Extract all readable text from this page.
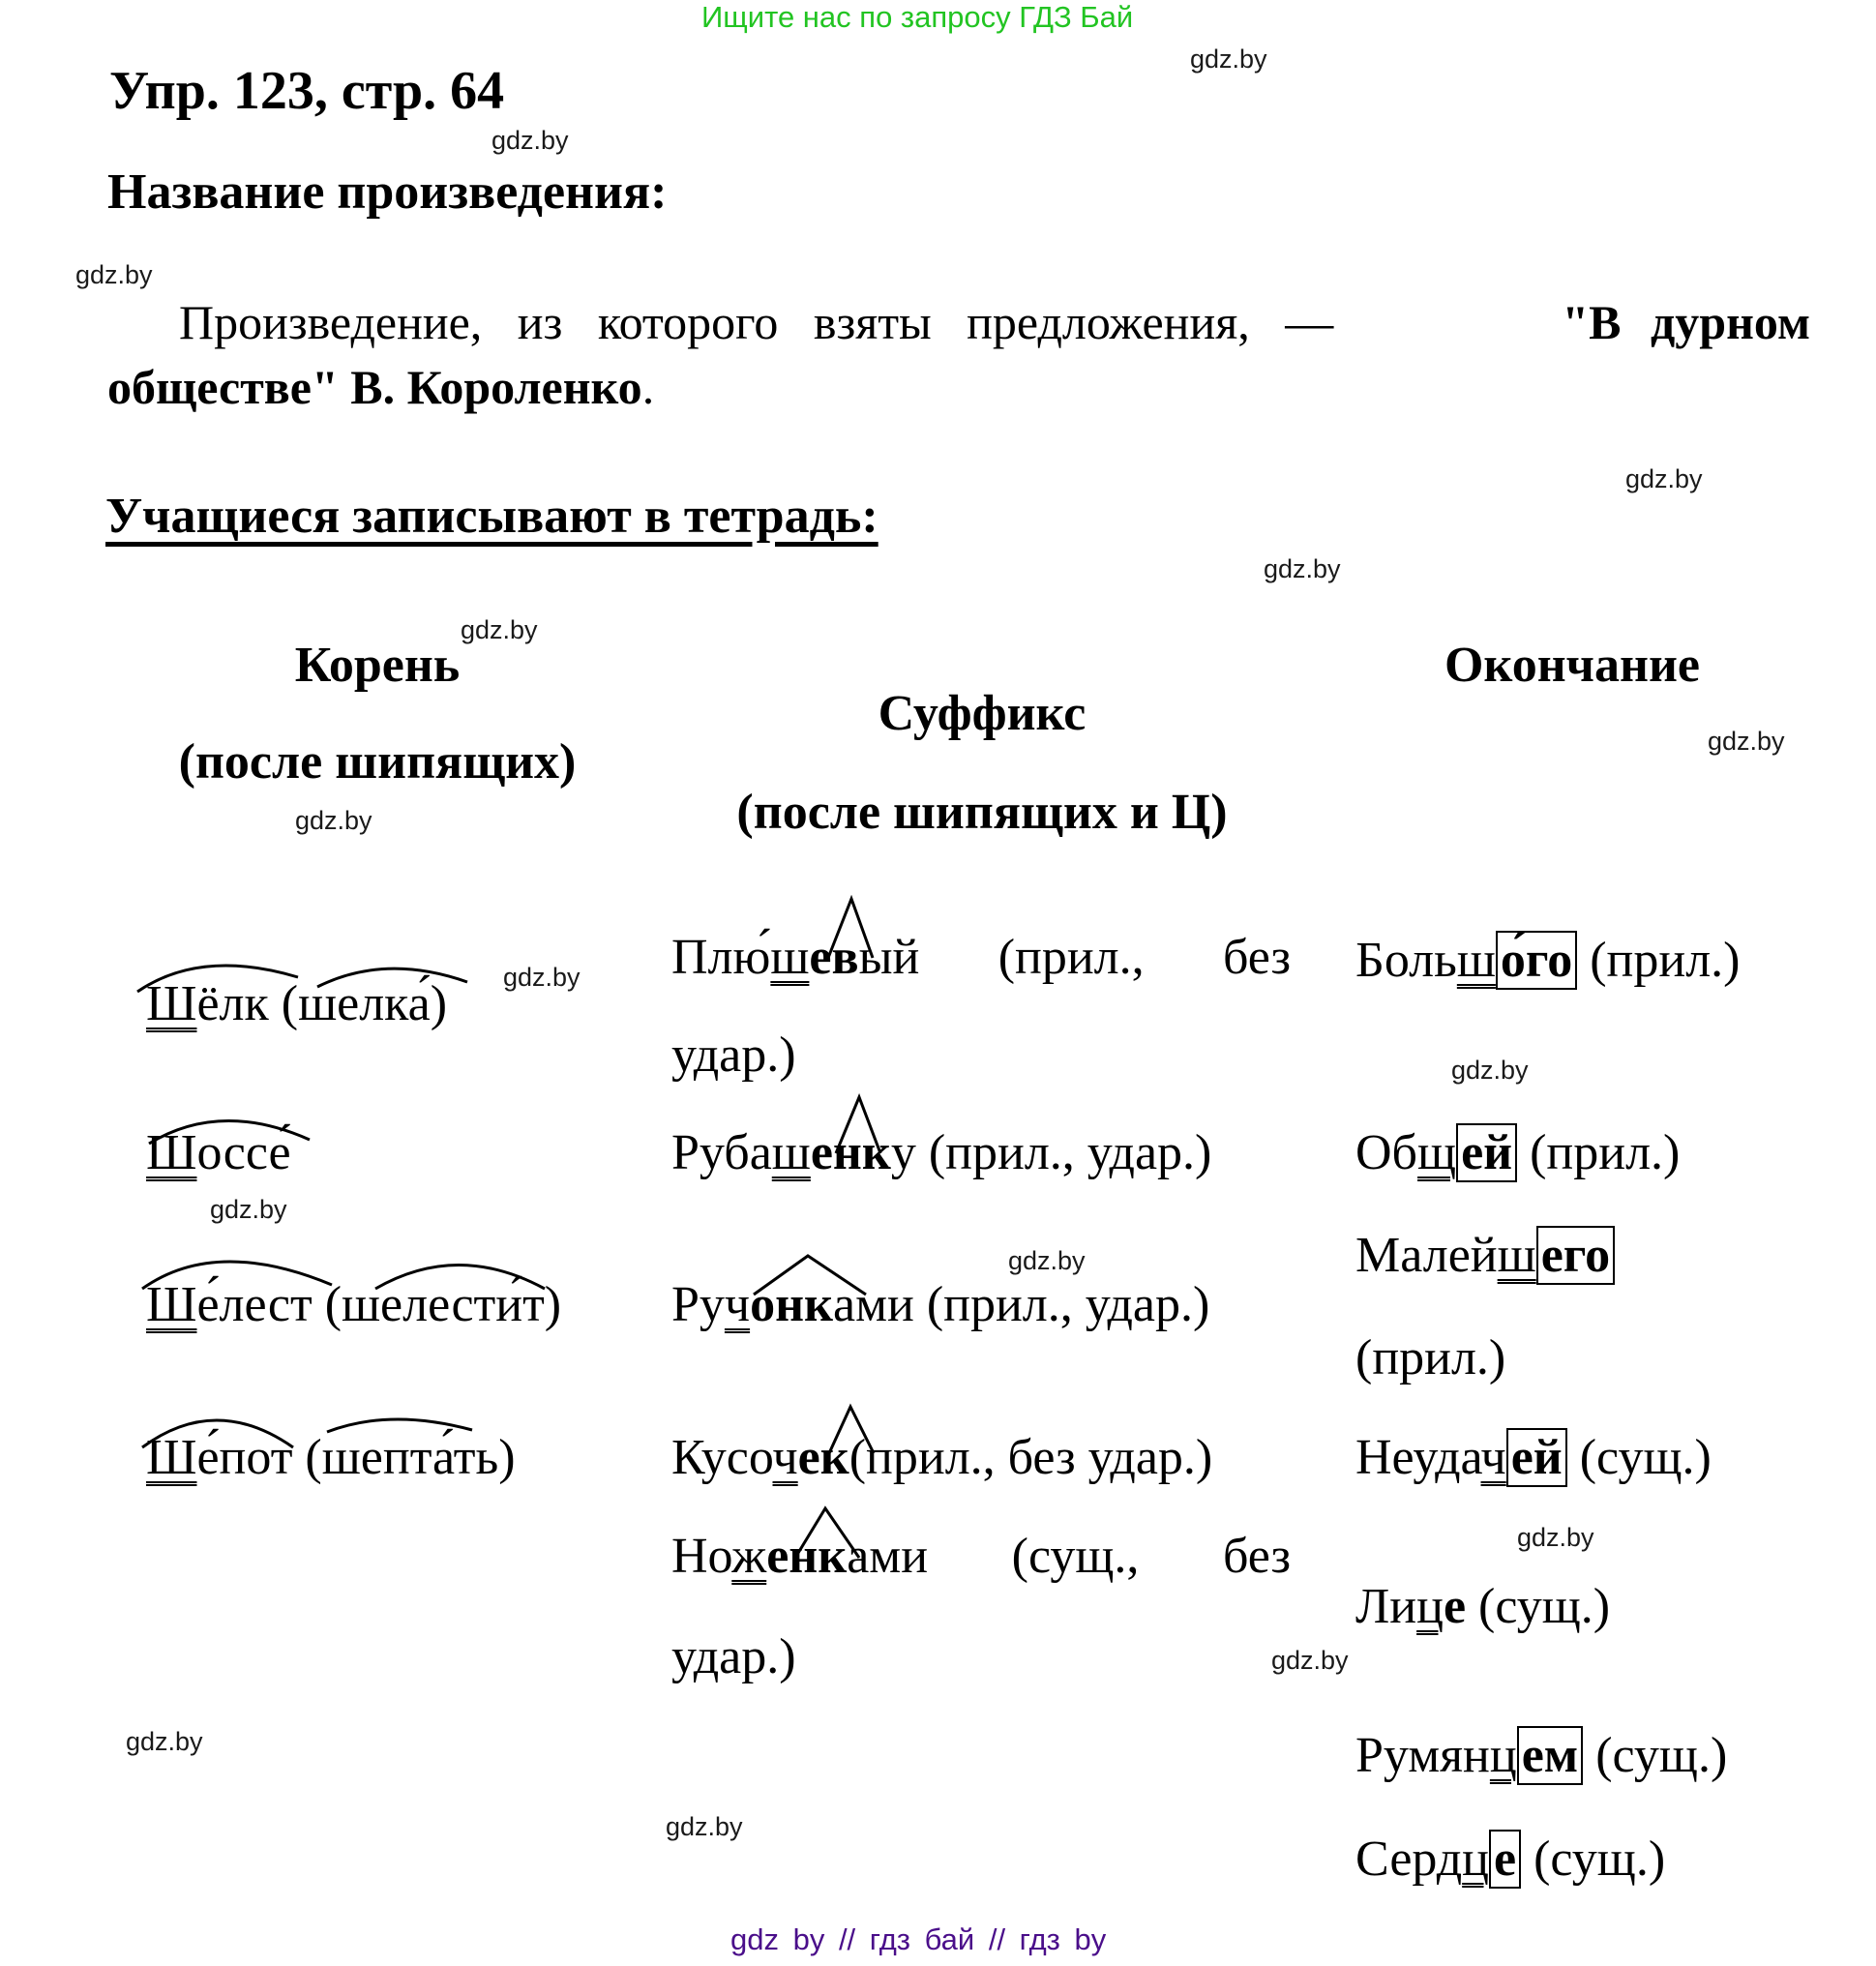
Ищите нас по запросу ГДЗ Бай
Упр. 123, стр. 64
Название произведения:
Произведение, из которого взяты предложения, —	"В дурном
обществе" В. Короленко.
Учащиеся записывают в тетрадь:
Корень
(после шипящих)
Суффикс
(после шипящих и Ц)
Окончание
Шёлк (шелка́)
Шоссе́
Ше́лест (шелести́т)
Ше́пот (шепта́ть)
Плю́шевый (прил., без
удар.)
Рубашенку (прил., удар.)
Ручонками (прил., удар.)
Кусочек(прил., без удар.)
Ноженками (сущ., без
удар.)
Большо́го (прил.)
Общей (прил.)
Малейшего
(прил.)
Неудачей (сущ.)
Лице (сущ.)
Румянцем (сущ.)
Сердце (сущ.)
gdz.by
gdz.by
gdz.by
gdz.by
gdz.by
gdz.by
gdz.by
gdz.by
gdz.by
gdz.by
gdz.by
gdz.by
gdz.by
gdz.by
gdz.by
gdz.by
gdz by // гдз бай // гдз by
